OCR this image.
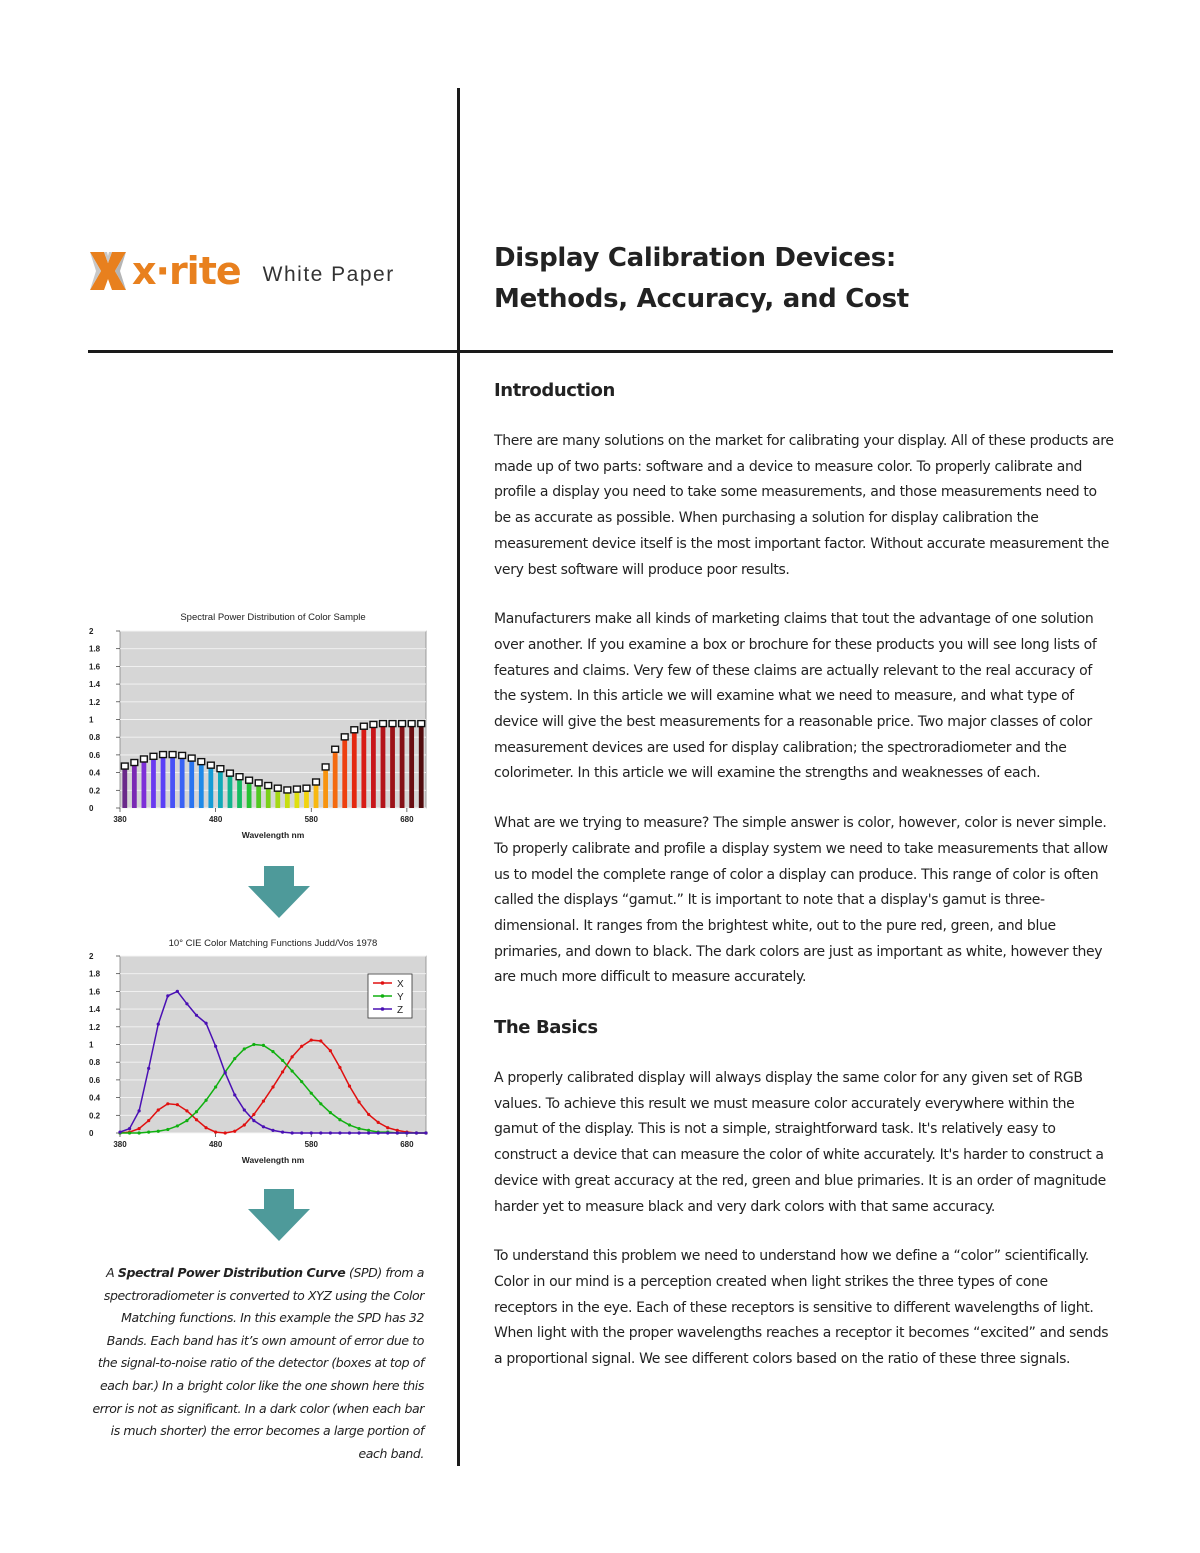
x·rite White Paper
Display Calibration Devices:
Methods, Accuracy, and Cost
Introduction

There are many solutions on the market for calibrating your display. All of these products are made up of two parts: software and a device to measure color. To properly calibrate and profile a display you need to take some measurements, and those measurements need to be as accurate as possible. When purchasing a solution for display calibration the measurement device itself is the most important factor. Without accurate measurement the very best software will produce poor results.

Manufacturers make all kinds of marketing claims that tout the advantage of one solution over another. If you examine a box or brochure for these products you will see long lists of features and claims. Very few of these claims are actually relevant to the real accuracy of the system. In this article we will examine what we need to measure, and what type of device will give the best measurements for a reasonable price. Two major classes of color measurement devices are used for display calibration; the spectroradiometer and the colorimeter. In this article we will examine the strengths and weaknesses of each.

What are we trying to measure? The simple answer is color, however, color is never simple. To properly calibrate and profile a display system we need to take measurements that allow us to model the complete range of color a display can produce. This range of color is often called the displays “gamut.” It is important to note that a display's gamut is three-dimensional. It ranges from the brightest white, out to the pure red, green, and blue primaries, and down to black. The dark colors are just as important as white, however they are much more difficult to measure accurately.

The Basics

A properly calibrated display will always display the same color for any given set of RGB values. To achieve this result we must measure color accurately everywhere within the gamut of the display. This is not a simple, straightforward task. It's relatively easy to construct a device that can measure the color of white accurately. It's harder to construct a device with great accuracy at the red, green and blue primaries. It is an order of magnitude harder yet to measure black and very dark colors with that same accuracy.

To understand this problem we need to understand how we define a “color” scientifically. Color in our mind is a perception created when light strikes the three types of cone receptors in the eye. Each of these receptors is sensitive to different wavelengths of light. When light with the proper wavelengths reaches a receptor it becomes “excited” and sends a proportional signal. We see different colors based on the ratio of these three signals.

Spectral Power Distribution of Color Sample
0
0.2
0.4
0.6
0.8
1
1.2
1.4
1.6
1.8
2
380	480	580	680
Wavelength nm
10° CIE Color Matching Functions Judd/Vos 1978
0
0.2
0.4
0.6
0.8
1
1.2
1.4
1.6
1.8
2
380	480	580	680
Wavelength nm
X
Y
Z
A Spectral Power Distribution Curve (SPD) from a spectroradiometer is converted to XYZ using the Color Matching functions. In this example the SPD has 32 Bands. Each band has it’s own amount of error due to the signal-to-noise ratio of the detector (boxes at top of each bar.) In a bright color like the one shown here this error is not as significant. In a dark color (when each bar is much shorter) the error becomes a large portion of each band.
